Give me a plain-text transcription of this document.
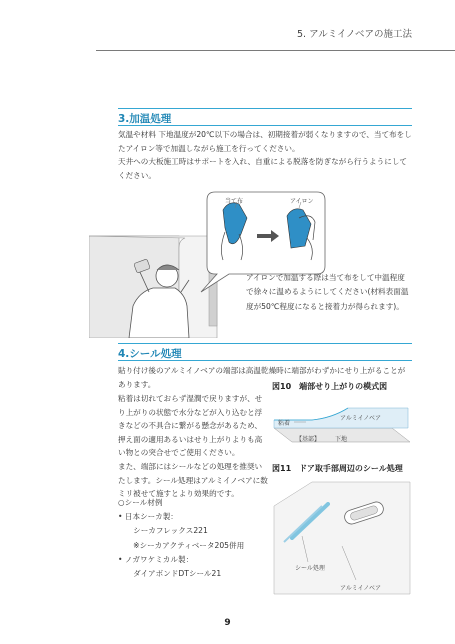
5. アルミイノベアの施工法
3.加温処理

気温や材料 下地温度が20℃以下の場合は、初期接着が弱くなりますので、当て布をしたアイロン等で加温しながら施工を行ってください。

天井への大板施工時はサポートを入れ、自重による脱落を防ぎながら行うようにしてください。

当て布	アイロン

アイロンで加温する際は当て布をして中温程度で徐々に温めるようにしてください(材料表面温度が50℃程度になると接着力が得られます)。

4.シール処理
貼り付け後のアルミイノベアの端部は高温乾燥時に端部がわずかにせり上がることがあります。

粘着は切れておらず湿潤で戻りますが、せり上がりの状態で水分などが入り込むと浮きなどの不具合に繋がる懸念があるため、押え面の適用あるいはせり上がりよりも高い物との突合せでご使用ください。

また、端部にはシールなどの処理を推奨いたします。シール処理はアルミイノベアに数ミリ被せて施すとより効果的です。

図10　端部せり上がりの模式図
粘着
アルミイノベア
【基部】 下地
図11　ドア取手部周辺のシール処理
シール処理
アルミイノベア
○シール材例
• 日本シーカ製：
　　シーカフレックス221
　　※シーカアクティベータ205併用
• ノガワケミカル製：
　　ダイアボンドDTシール21
9
